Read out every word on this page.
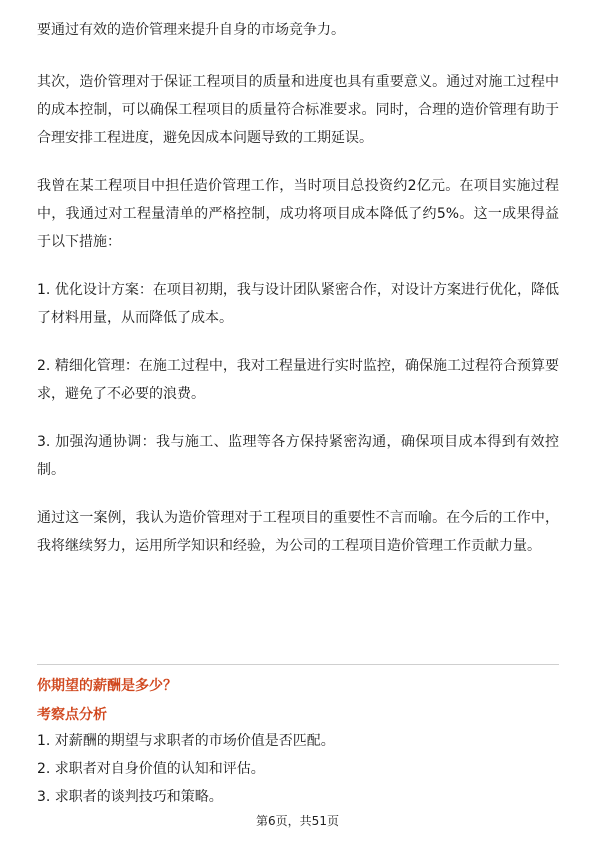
要通过有效的造价管理来提升自身的市场竞争力。

其次，造价管理对于保证工程项目的质量和进度也具有重要意义。通过对施工过程中的成本控制，可以确保工程项目的质量符合标准要求。同时，合理的造价管理有助于合理安排工程进度，避免因成本问题导致的工期延误。

我曾在某工程项目中担任造价管理工作，当时项目总投资约2亿元。在项目实施过程中，我通过对工程量清单的严格控制，成功将项目成本降低了约5%。这一成果得益于以下措施：

1. 优化设计方案：在项目初期，我与设计团队紧密合作，对设计方案进行优化，降低了材料用量，从而降低了成本。

2. 精细化管理：在施工过程中，我对工程量进行实时监控，确保施工过程符合预算要求，避免了不必要的浪费。

3. 加强沟通协调：我与施工、监理等各方保持紧密沟通，确保项目成本得到有效控制。

通过这一案例，我认为造价管理对于工程项目的重要性不言而喻。在今后的工作中，我将继续努力，运用所学知识和经验，为公司的工程项目造价管理工作贡献力量。

你期望的薪酬是多少？
考察点分析
1. 对薪酬的期望与求职者的市场价值是否匹配。
2. 求职者对自身价值的认知和评估。
3. 求职者的谈判技巧和策略。
第6页，共51页
